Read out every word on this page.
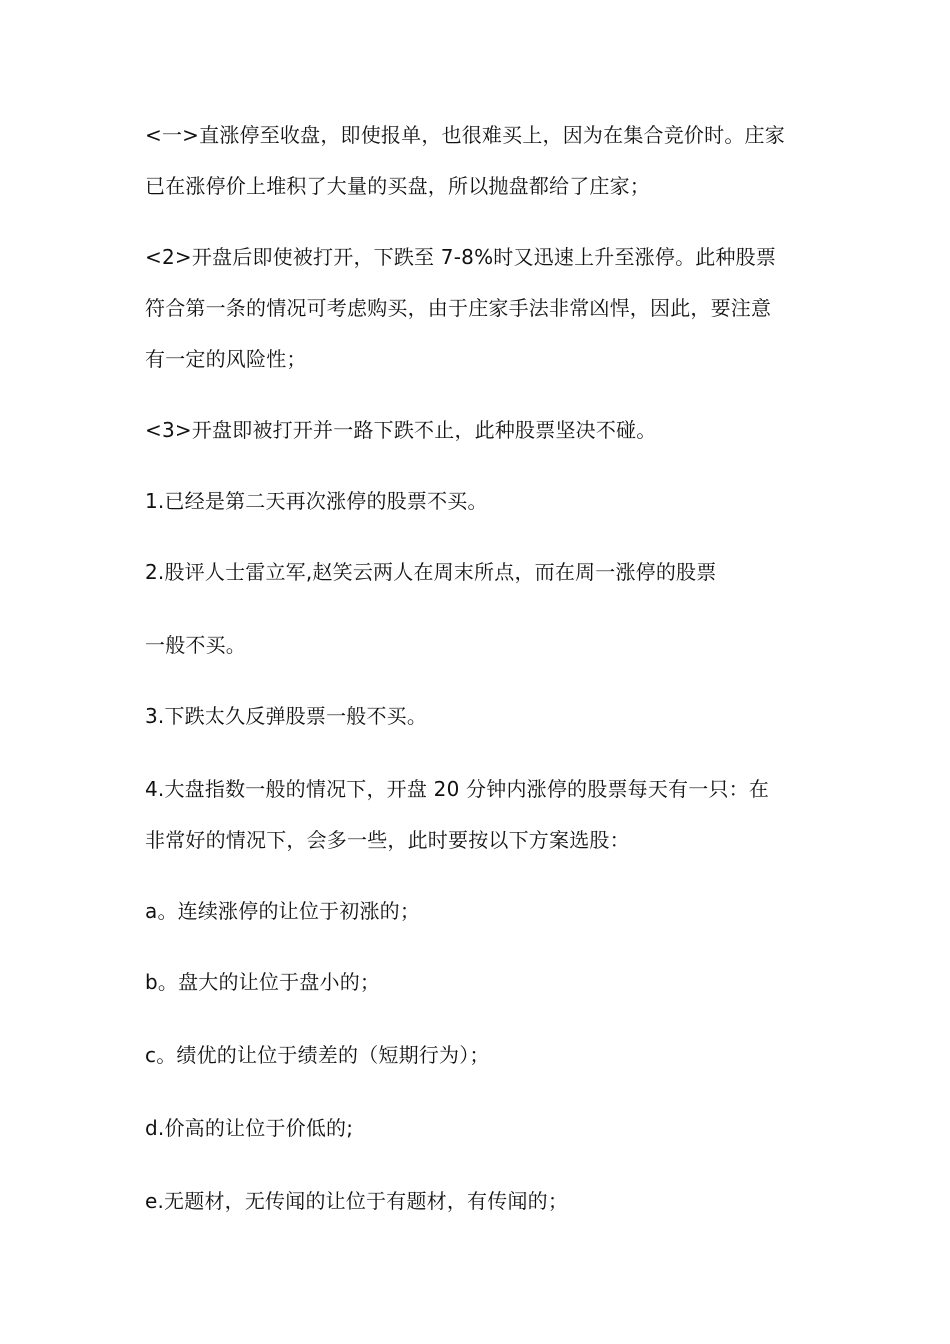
<一>直涨停至收盘，即使报单，也很难买上，因为在集合竞价时。庄家
已在涨停价上堆积了大量的买盘，所以抛盘都给了庄家；
<2>开盘后即使被打开，下跌至 7-8%时又迅速上升至涨停。此种股票
符合第一条的情况可考虑购买，由于庄家手法非常凶悍，因此，要注意
有一定的风险性；
<3>开盘即被打开并一路下跌不止，此种股票坚决不碰。
1.已经是第二天再次涨停的股票不买。
2.股评人士雷立军,赵笑云两人在周末所点，而在周一涨停的股票
一般不买。
3.下跌太久反弹股票一般不买。
4.大盘指数一般的情况下，开盘 20 分钟内涨停的股票每天有一只：在
非常好的情况下，会多一些，此时要按以下方案选股：
a。连续涨停的让位于初涨的；
b。盘大的让位于盘小的；
c。绩优的让位于绩差的（短期行为）；
d.价高的让位于价低的;
e.无题材，无传闻的让位于有题材，有传闻的；
